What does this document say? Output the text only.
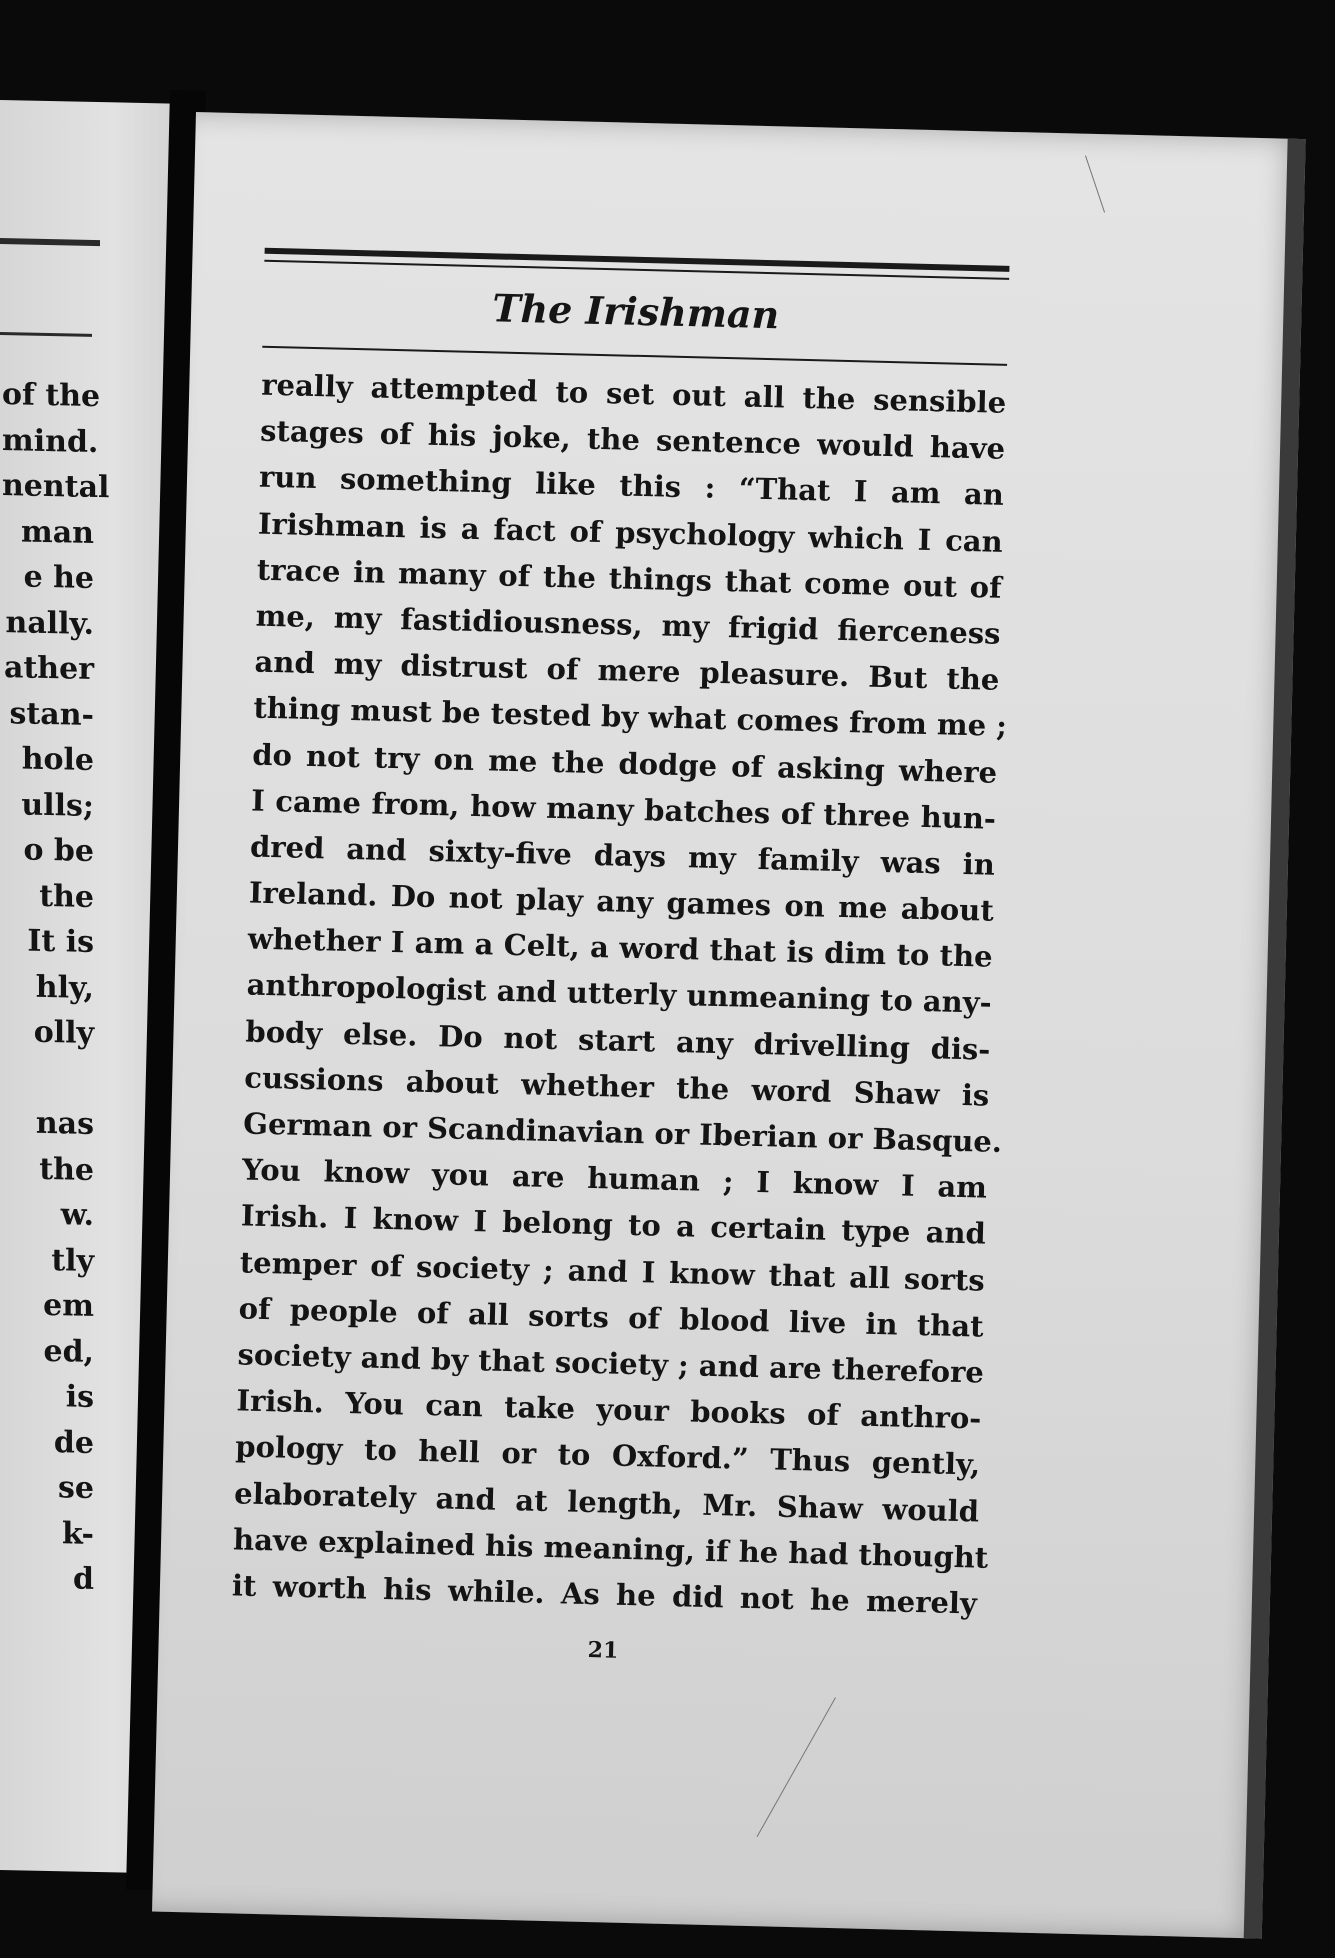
of the
mind.
nental
man
e he
nally.
ather
stan-
hole
ulls;
o be
the
It is
hly,
olly
nas
the
w.
tly
em
ed,
is
de
se
k-
d
The Irishman
really attempted to set out all the sensible
stages of his joke, the sentence would have
run something like this : “That I am an
Irishman is a fact of psychology which I can
trace in many of the things that come out of
me, my fastidiousness, my frigid fierceness
and my distrust of mere pleasure. But the
thing must be tested by what comes from me ;
do not try on me the dodge of asking where
I came from, how many batches of three hun-
dred and sixty-five days my family was in
Ireland. Do not play any games on me about
whether I am a Celt, a word that is dim to the
anthropologist and utterly unmeaning to any-
body else. Do not start any drivelling dis-
cussions about whether the word Shaw is
German or Scandinavian or Iberian or Basque.
You know you are human ; I know I am
Irish. I know I belong to a certain type and
temper of society ; and I know that all sorts
of people of all sorts of blood live in that
society and by that society ; and are therefore
Irish. You can take your books of anthro-
pology to hell or to Oxford.” Thus gently,
elaborately and at length, Mr. Shaw would
have explained his meaning, if he had thought
it worth his while. As he did not he merely
21
